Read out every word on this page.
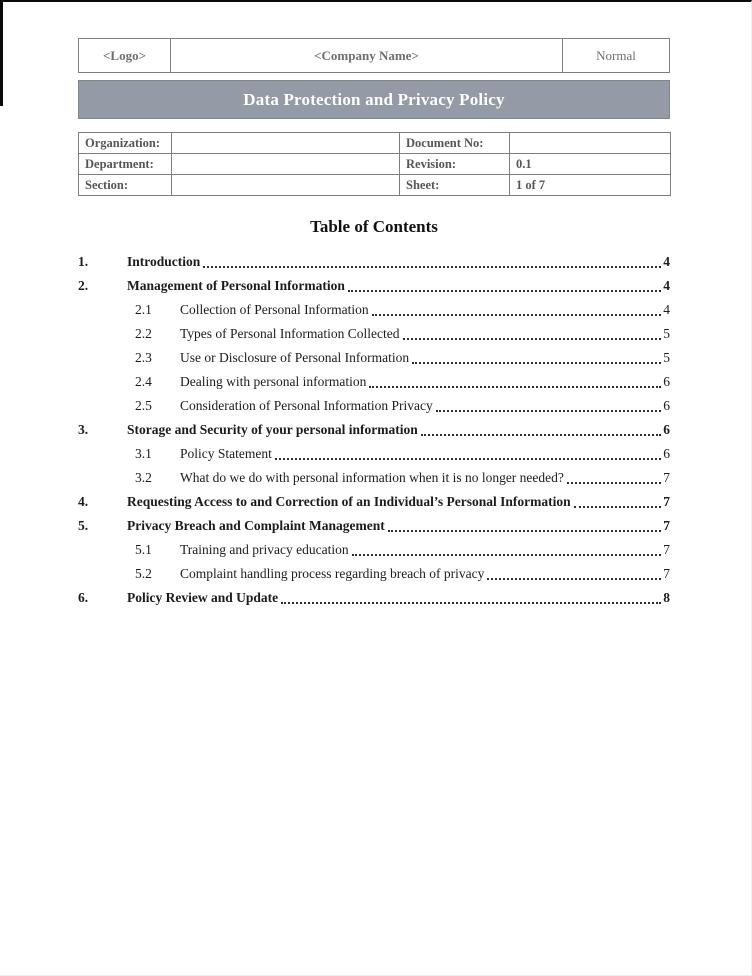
<Logo>	<Company Name>	Normal
Data Protection and Privacy Policy
Organization:		Document No:	
Department:		Revision:	0.1
Section:		Sheet:	1 of 7
Table of Contents
1.	Introduction	4
2.	Management of Personal Information	4
2.1	Collection of Personal Information	4
2.2	Types of Personal Information Collected	5
2.3	Use or Disclosure of Personal Information	5
2.4	Dealing with personal information	6
2.5	Consideration of Personal Information Privacy	6
3.	Storage and Security of your personal information	6
3.1	Policy Statement	6
3.2	What do we do with personal information when it is no longer needed?	7
4.	Requesting Access to and Correction of an Individual’s Personal Information	7
5.	Privacy Breach and Complaint Management	7
5.1	Training and privacy education	7
5.2	Complaint handling process regarding breach of privacy	7
6.	Policy Review and Update	8
